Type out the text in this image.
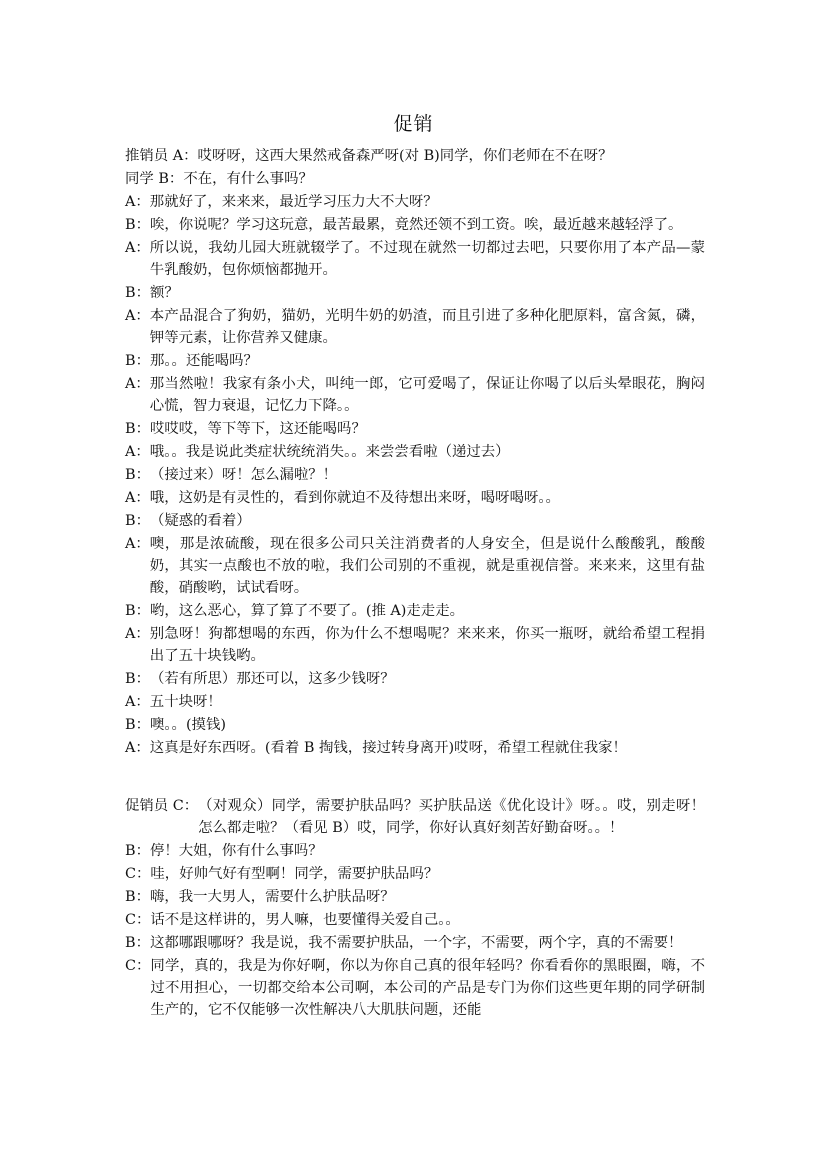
促销
推销员 A： 哎呀呀，这西大果然戒备森严呀(对 B)同学，你们老师在不在呀？
同学 B： 不在，有什么事吗？
A： 那就好了，来来来，最近学习压力大不大呀？
B： 唉，你说呢？学习这玩意，最苦最累，竟然还领不到工资。唉，最近越来越轻浮了。
A： 所以说，我幼儿园大班就辍学了。不过现在就然一切都过去吧，只要你用了本产品—蒙牛乳酸奶，包你烦恼都抛开。
B： 额？
A： 本产品混合了狗奶，猫奶，光明牛奶的奶渣，而且引进了多种化肥原料，富含氮，磷，钾等元素，让你营养又健康。
B： 那。。还能喝吗？
A： 那当然啦！我家有条小犬，叫纯一郎，它可爱喝了，保证让你喝了以后头晕眼花，胸闷心慌，智力衰退，记忆力下降。。
B： 哎哎哎，等下等下，这还能喝吗？
A： 哦。。我是说此类症状统统消失。。来尝尝看啦（递过去）
B： （接过来）呀！怎么漏啦？！
A： 哦，这奶是有灵性的，看到你就迫不及待想出来呀，喝呀喝呀。。
B： （疑惑的看着）
A： 噢，那是浓硫酸，现在很多公司只关注消费者的人身安全，但是说什么酸酸乳，酸酸奶，其实一点酸也不放的啦，我们公司别的不重视，就是重视信誉。来来来，这里有盐酸，硝酸哟，试试看呀。
B： 哟，这么恶心，算了算了不要了。(推 A)走走走。
A： 别急呀！狗都想喝的东西，你为什么不想喝呢？来来来，你买一瓶呀，就给希望工程捐出了五十块钱哟。
B： （若有所思）那还可以，这多少钱呀？
A： 五十块呀！
B： 噢。。(摸钱)
A： 这真是好东西呀。(看着 B 掏钱，接过转身离开)哎呀，希望工程就住我家！
促销员 C： （对观众）同学，需要护肤品吗？买护肤品送《优化设计》呀。。哎，别走呀！怎么都走啦？（看见 B）哎，同学，你好认真好刻苦好勤奋呀。。！
B： 停！大姐，你有什么事吗？
C： 哇，好帅气好有型啊！同学，需要护肤品吗？
B： 嗨，我一大男人，需要什么护肤品呀？
C： 话不是这样讲的，男人嘛，也要懂得关爱自己。。
B： 这都哪跟哪呀？我是说，我不需要护肤品，一个字，不需要，两个字，真的不需要！
C： 同学，真的，我是为你好啊，你以为你自己真的很年轻吗？你看看你的黑眼圈，嗨，不过不用担心，一切都交给本公司啊，本公司的产品是专门为你们这些更年期的同学研制生产的，它不仅能够一次性解决八大肌肤问题，还能
